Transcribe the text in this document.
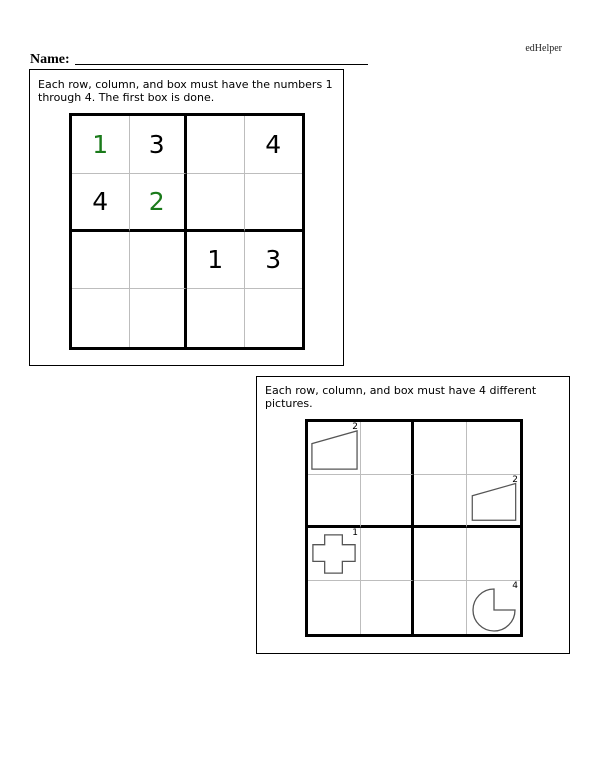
edHelper
Name:
Each row, column, and box must have the numbers 1 through 4. The first box is done.
1 3	4
4 2
1 3
Each row, column, and box must have 4 different pictures.
2
2
1
4
